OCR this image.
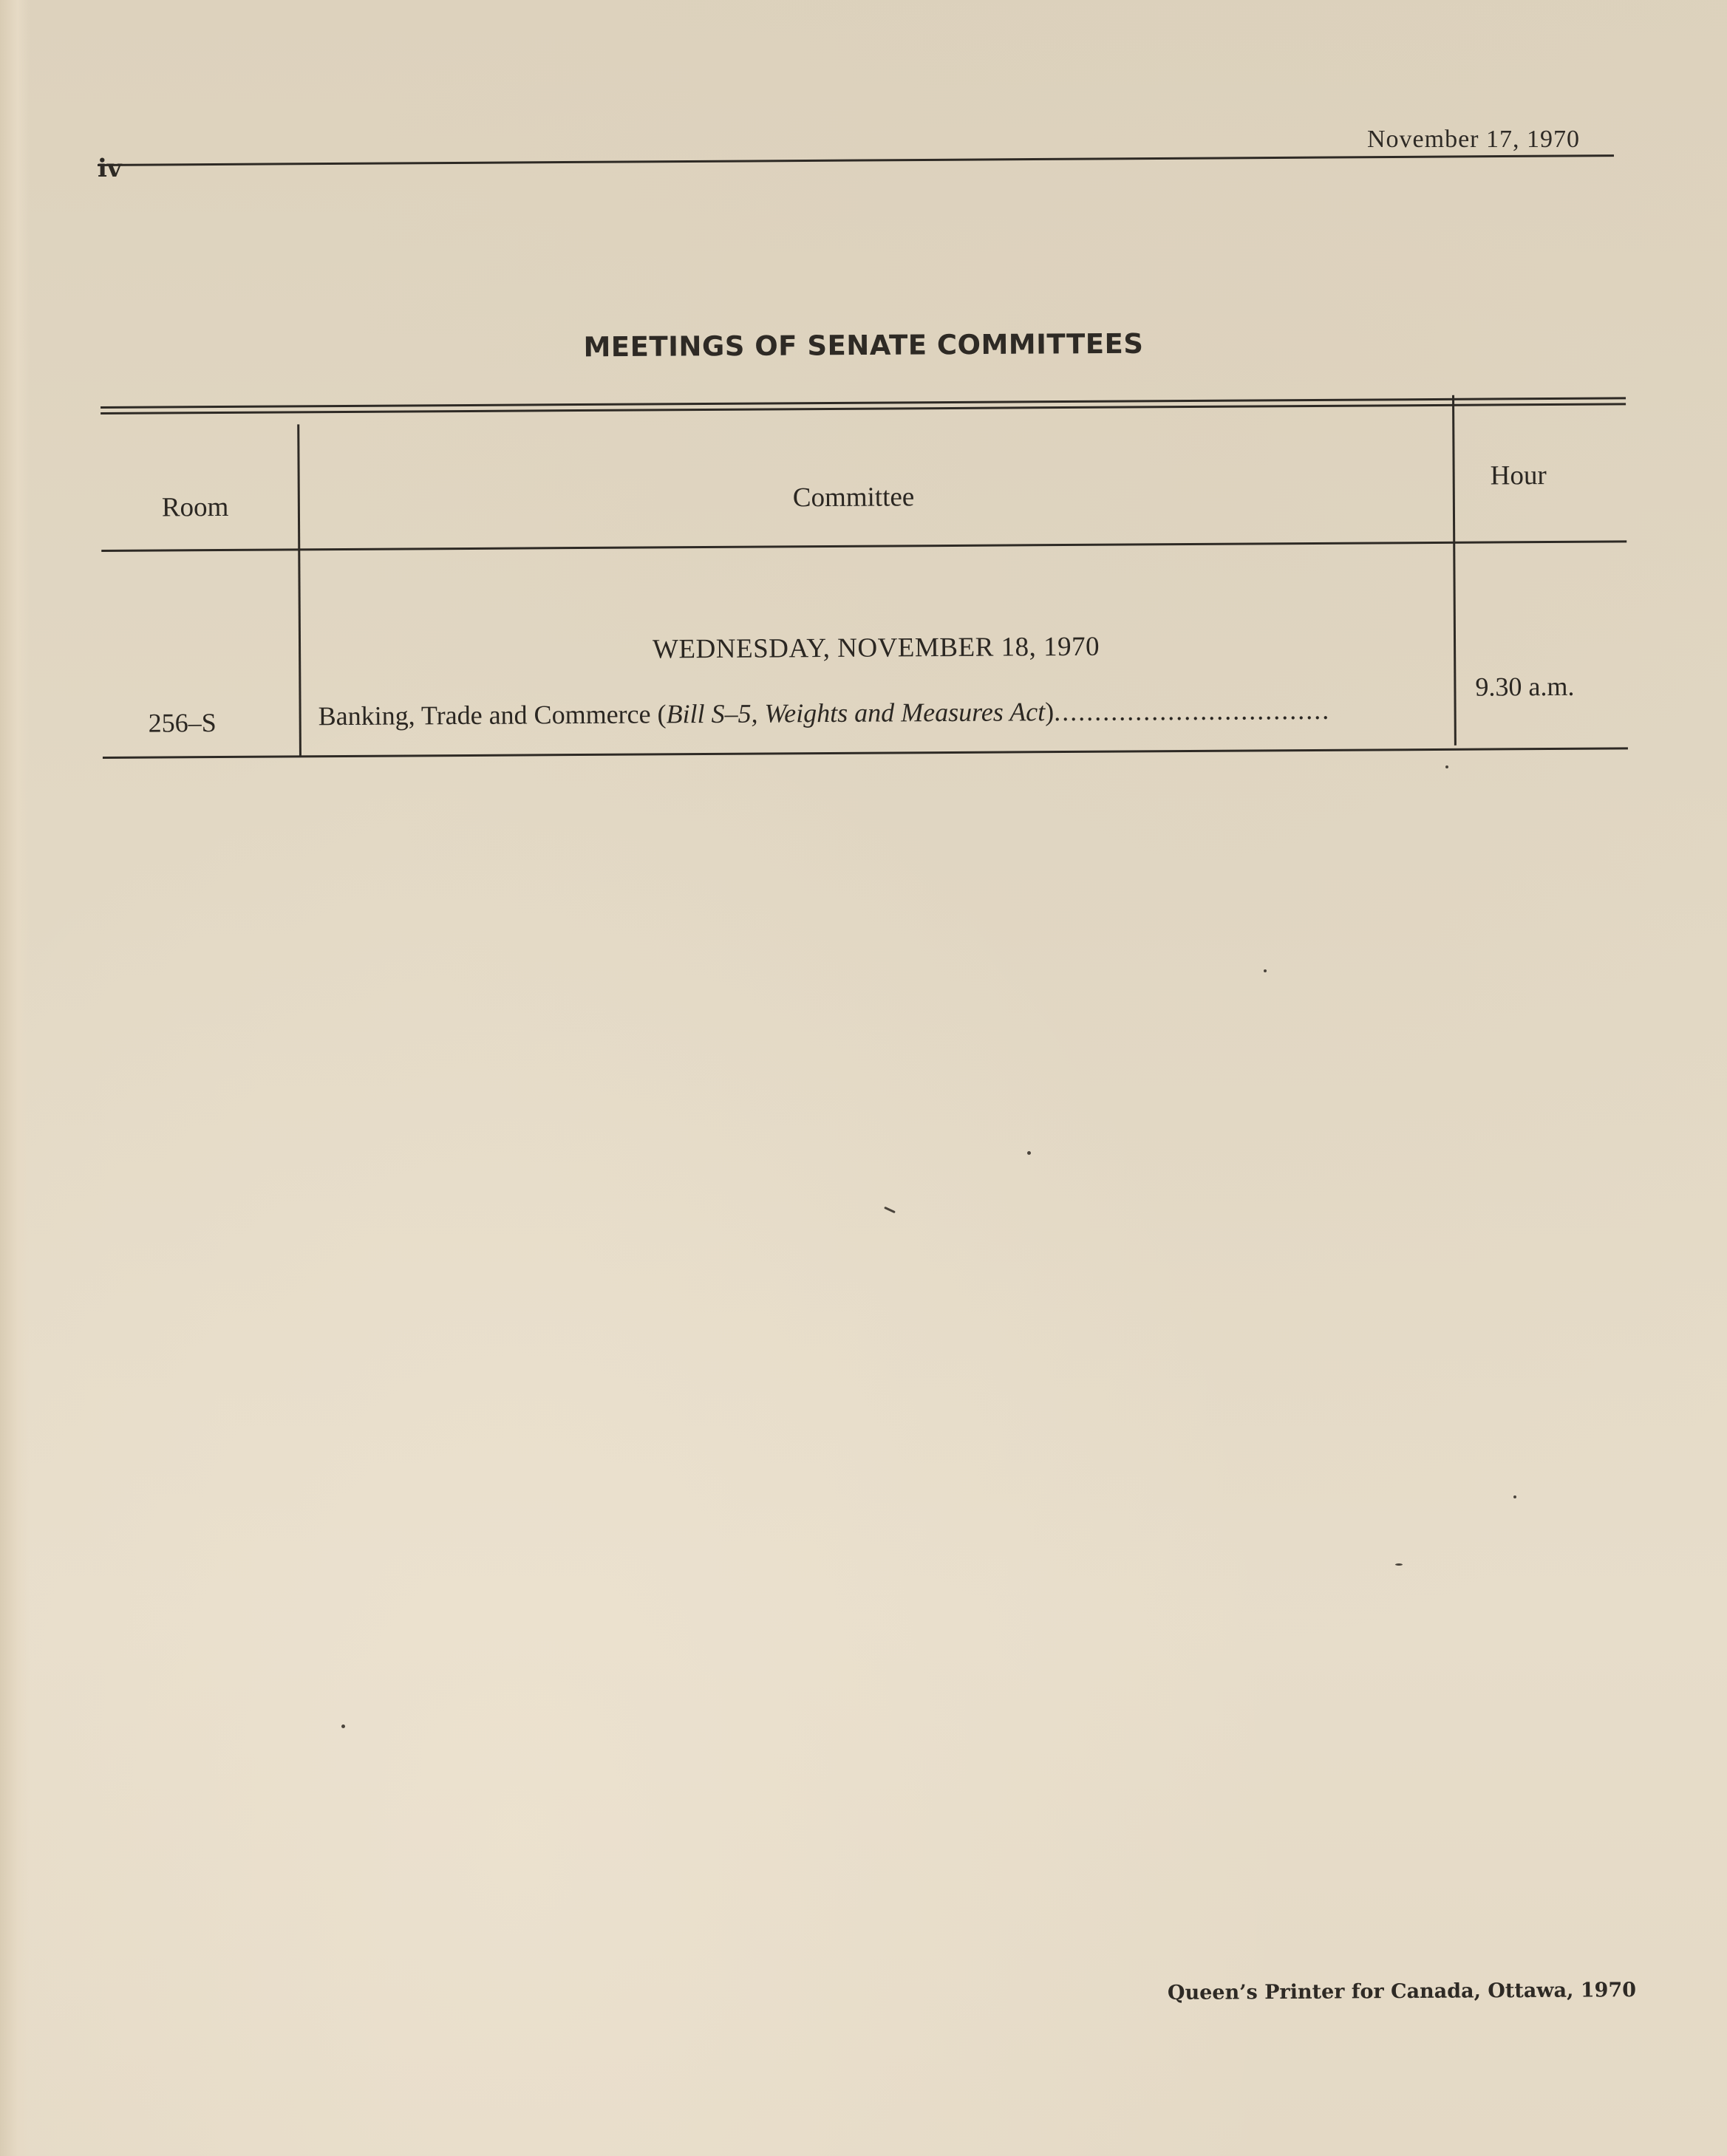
iv
November 17, 1970
MEETINGS OF SENATE COMMITTEES
Room	Committee
Hour
WEDNESDAY, NOVEMBER 18, 1970
256–S	Banking, Trade and Commerce (Bill S–5, Weights and Measures Act)..................................
9.30 a.m.
Queen’s Printer for Canada, Ottawa, 1970
